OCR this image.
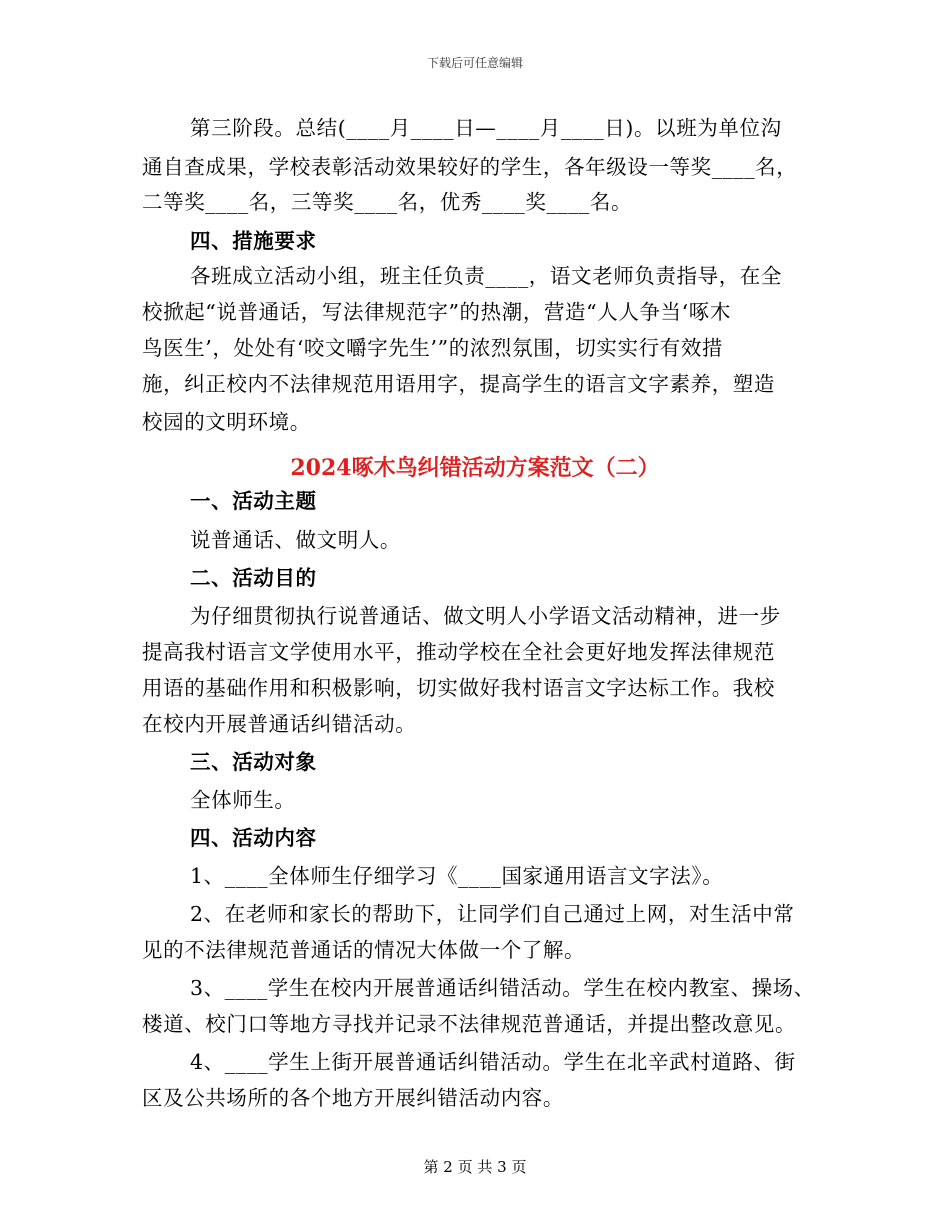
下载后可任意编辑
第三阶段。总结(____月____日—____月____日)。以班为单位沟
通自查成果，学校表彰活动效果较好的学生，各年级设一等奖____名，
二等奖____名，三等奖____名，优秀____奖____名。
四、措施要求
各班成立活动小组，班主任负责____，语文老师负责指导，在全
校掀起“说普通话，写法律规范字”的热潮，营造“人人争当‘啄木
鸟医生’，处处有‘咬文嚼字先生’”的浓烈氛围，切实实行有效措
施，纠正校内不法律规范用语用字，提高学生的语言文字素养，塑造
校园的文明环境。
2024啄木鸟纠错活动方案范文（二）
一、活动主题
说普通话、做文明人。
二、活动目的
为仔细贯彻执行说普通话、做文明人小学语文活动精神，进一步
提高我村语言文学使用水平，推动学校在全社会更好地发挥法律规范
用语的基础作用和积极影响，切实做好我村语言文字达标工作。我校
在校内开展普通话纠错活动。
三、活动对象
全体师生。
四、活动内容
1、____全体师生仔细学习《____国家通用语言文字法》。
2、在老师和家长的帮助下，让同学们自己通过上网，对生活中常
见的不法律规范普通话的情况大体做一个了解。
3、____学生在校内开展普通话纠错活动。学生在校内教室、操场、
楼道、校门口等地方寻找并记录不法律规范普通话，并提出整改意见。
4、____学生上街开展普通话纠错活动。学生在北辛武村道路、街
区及公共场所的各个地方开展纠错活动内容。
第 2 页 共 3 页
